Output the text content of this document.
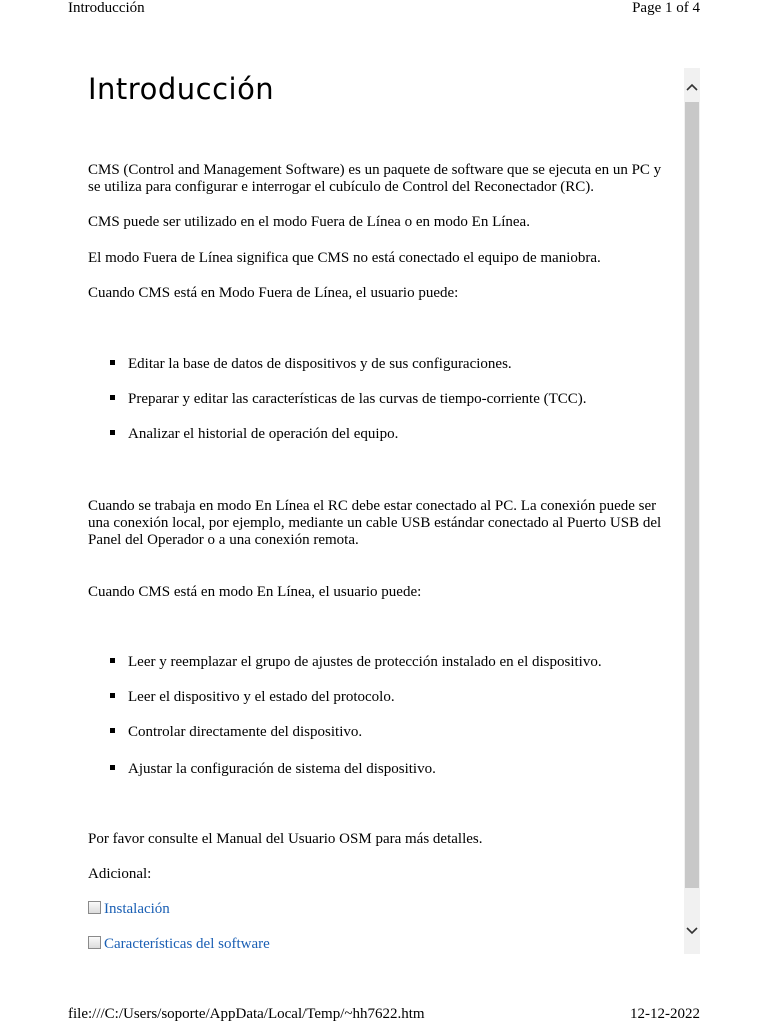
Introducción	Page 1 of 4
Introducción

CMS (Control and Management Software) es un paquete de software que se ejecuta en un PC y se utiliza para configurar e interrogar el cubículo de Control del Reconectador (RC).

CMS puede ser utilizado en el modo Fuera de Línea o en modo En Línea.

El modo Fuera de Línea significa que CMS no está conectado el equipo de maniobra.

Cuando CMS está en Modo Fuera de Línea, el usuario puede:

Editar la base de datos de dispositivos y de sus configuraciones.
Preparar y editar las características de las curvas de tiempo-corriente (TCC).
Analizar el historial de operación del equipo.

Cuando se trabaja en modo En Línea el RC debe estar conectado al PC. La conexión puede ser una conexión local, por ejemplo, mediante un cable USB estándar conectado al Puerto USB del Panel del Operador o a una conexión remota.

Cuando CMS está en modo En Línea, el usuario puede:

Leer y reemplazar el grupo de ajustes de protección instalado en el dispositivo.
Leer el dispositivo y el estado del protocolo.
Controlar directamente del dispositivo.
Ajustar la configuración de sistema del dispositivo.

Por favor consulte el Manual del Usuario OSM para más detalles.

Adicional:

Instalación
Características del software
file:///C:/Users/soporte/AppData/Local/Temp/~hh7622.htm	12-12-2022
